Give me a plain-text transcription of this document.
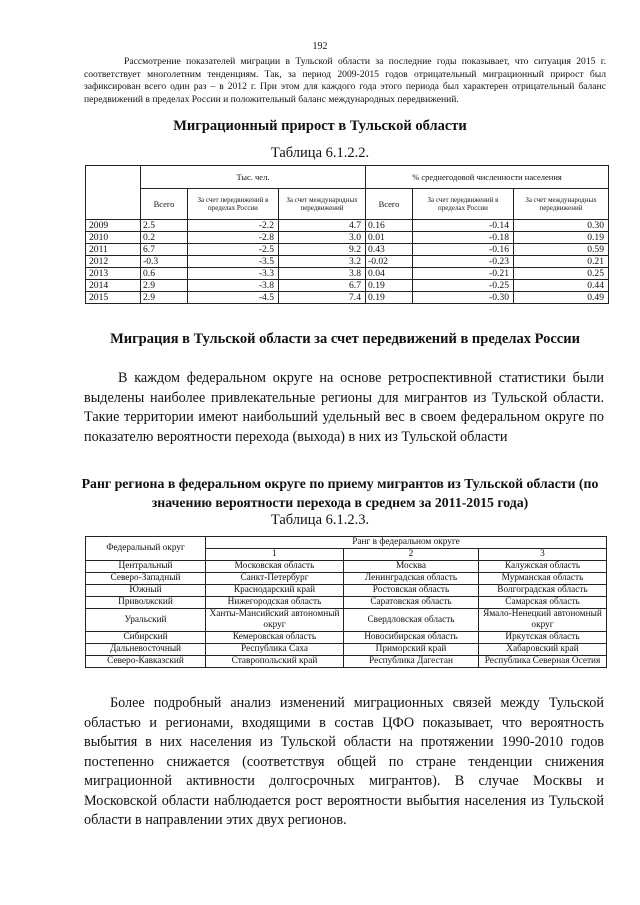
192
Рассмотрение показателей миграции в Тульской области за последние годы показывает, что ситуация 2015 г. соответствует многолетним тенденциям. Так, за период 2009-2015 годов отрицательный миграционный прирост был зафиксирован всего один раз – в 2012 г. При этом для каждого года этого периода был характерен отрицательный баланс передвижений в пределах России и положительный баланс международных передвижений.
Миграционный прирост в Тульской области
Таблица 6.1.2.2.
	Тыс. чел.			% среднегодовой численности населения		
	Всего	За счет передвижений в пределах России	За счет международных передвижений	Всего	За счет передвижений в пределах России	За счет международных передвижений
2009	2.5	-2.2	4.7	0.16	-0.14	0.30
2010	0.2	-2.8	3.0	0.01	-0.18	0.19
2011	6.7	-2.5	9.2	0.43	-0.16	0.59
2012	-0.3	-3.5	3.2	-0.02	-0.23	0.21
2013	0.6	-3.3	3.8	0.04	-0.21	0.25
2014	2.9	-3.8	6.7	0.19	-0.25	0.44
2015	2.9	-4.5	7.4	0.19	-0.30	0.49
Миграция в Тульской области за счет передвижений в пределах России
В каждом федеральном округе на основе ретроспективной статистики были выделены наиболее привлекательные регионы для мигрантов из Тульской области. Такие территории имеют наибольший удельный вес в своем федеральном округе по показателю вероятности перехода (выхода) в них из Тульской области
Ранг региона в федеральном округе по приему мигрантов из Тульской области (по значению вероятности перехода в среднем за 2011-2015 года)
Таблица 6.1.2.3.
Федеральный округ	Ранг в федеральном округе		
	1	2	3
Центральный	Московская область	Москва	Калужская область
Северо-Западный	Санкт-Петербург	Ленинградская область	Мурманская область
Южный	Краснодарский край	Ростовская область	Волгоградская область
Приволжский	Нижегородская область	Саратовская область	Самарская область
Уральский	Ханты-Мансийский автономный округ	Свердловская область	Ямало-Ненецкий автономный округ
Сибирский	Кемеровская область	Новосибирская область	Иркутская область
Дальневосточный	Республика Саха	Приморский край	Хабаровский край
Северо-Кавказский	Ставропольский край	Республика Дагестан	Республика Северная Осетия
Более подробный анализ изменений миграционных связей между Тульской областью и регионами, входящими в состав ЦФО показывает, что вероятность выбытия в них населения из Тульской области на протяжении 1990-2010 годов постепенно снижается (соответствуя общей по стране тенденции снижения миграционной активности долгосрочных мигрантов). В случае Москвы и Московской области наблюдается рост вероятности выбытия населения из Тульской области в направлении этих двух регионов.
